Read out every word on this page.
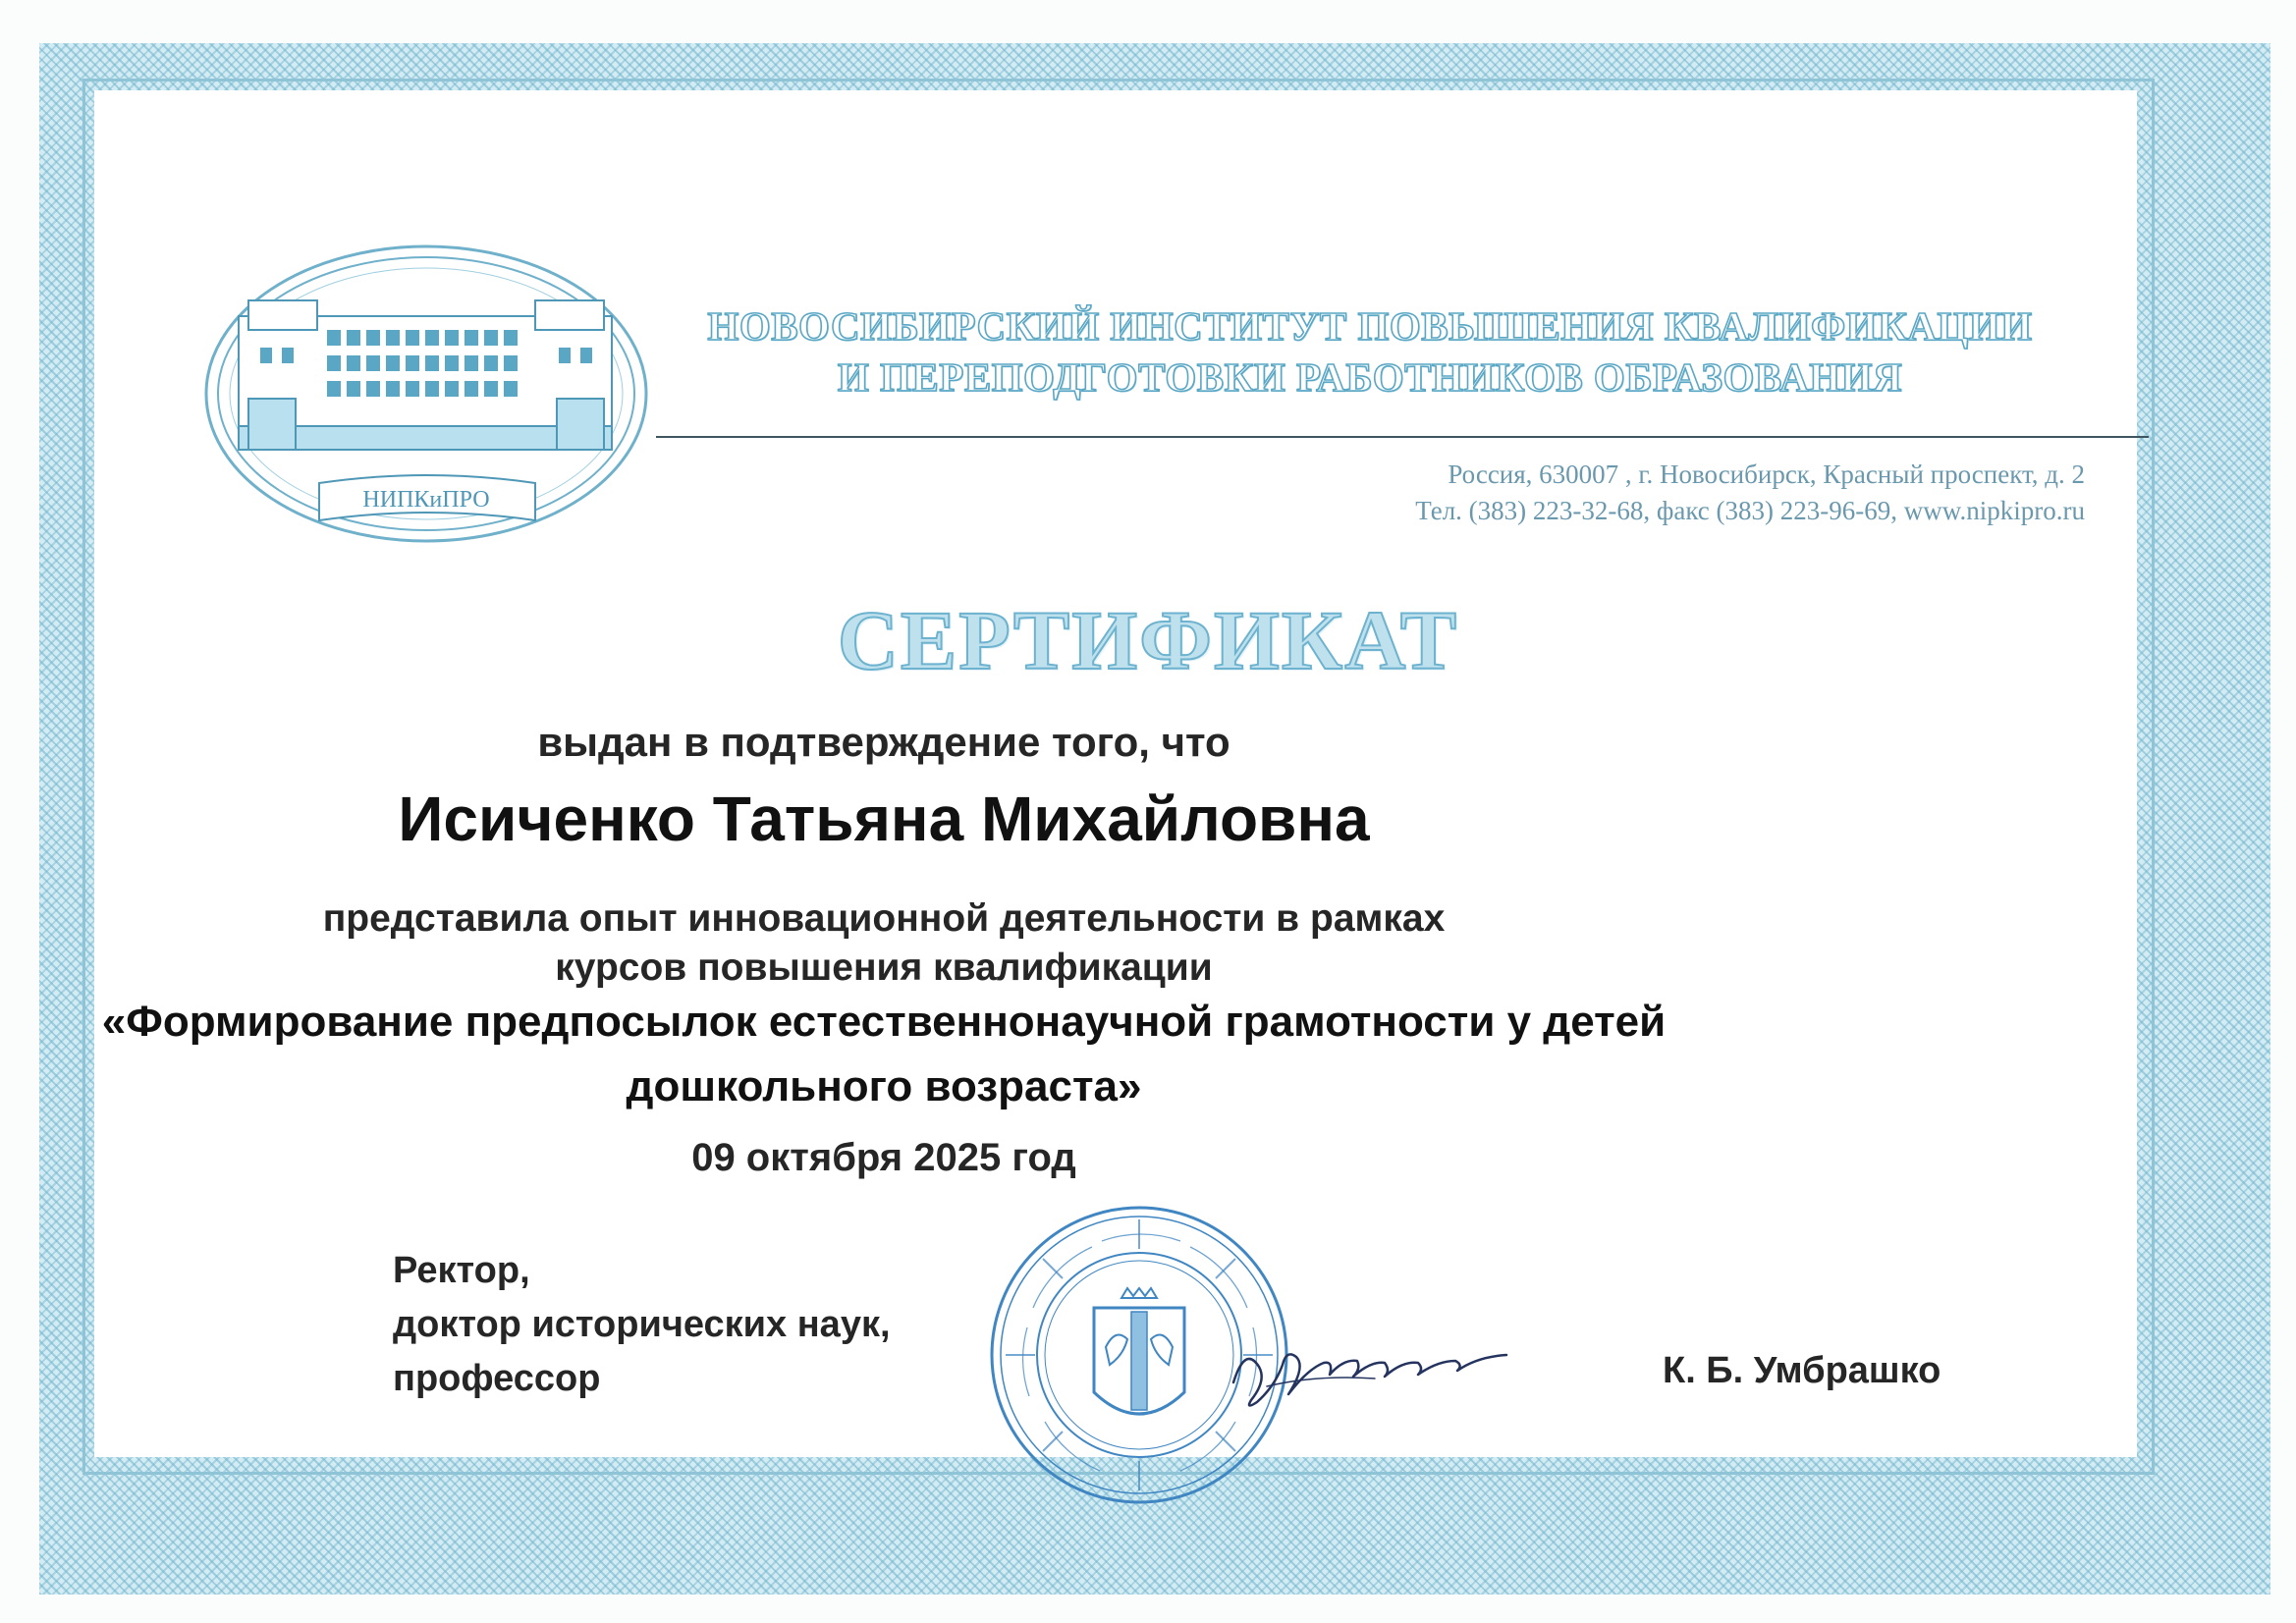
НИПКиПРО
НОВОСИБИРСКИЙ ИНСТИТУТ ПОВЫШЕНИЯ КВАЛИФИКАЦИИ
И ПЕРЕПОДГОТОВКИ РАБОТНИКОВ ОБРАЗОВАНИЯ
Россия, 630007 , г. Новосибирск, Красный проспект, д. 2
Тел. (383) 223-32-68, факс (383) 223-96-69, www.nipkipro.ru
СЕРТИФИКАТ
выдан в подтверждение того, что
Исиченко Татьяна Михайловна
представила опыт инновационной деятельности в рамках
курсов повышения квалификации
«Формирование предпосылок естественнонаучной грамотности у детей
дошкольного возраста»
09 октября 2025 год
Ректор,
доктор исторических наук,
профессор	К. Б. Умбрашко
